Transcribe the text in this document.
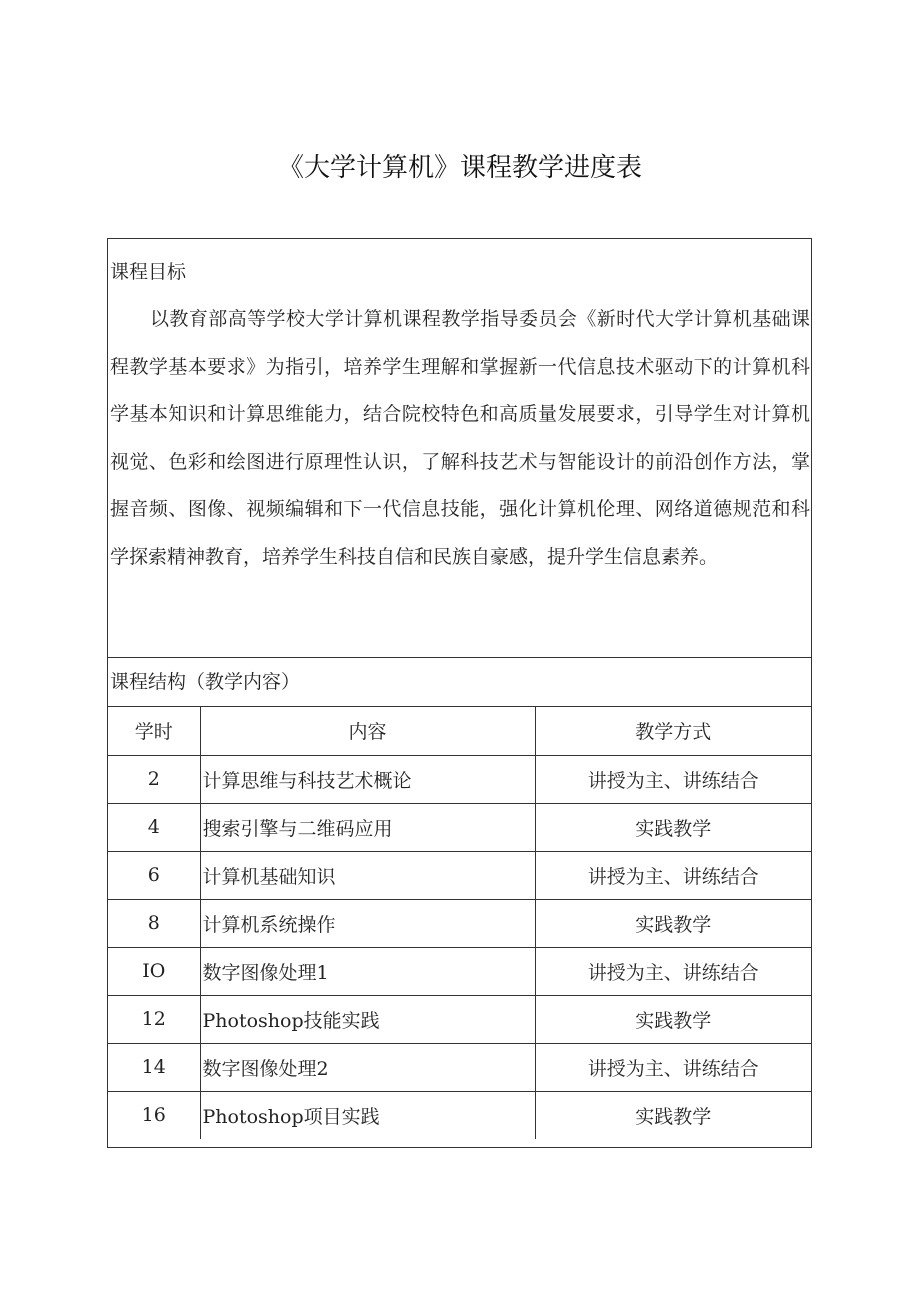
《大学计算机》课程教学进度表
课程目标

以教育部高等学校大学计算机课程教学指导委员会《新时代大学计算机基础课程教学基本要求》为指引，培养学生理解和掌握新一代信息技术驱动下的计算机科学基本知识和计算思维能力，结合院校特色和高质量发展要求，引导学生对计算机视觉、色彩和绘图进行原理性认识，了解科技艺术与智能设计的前沿创作方法，掌握音频、图像、视频编辑和下一代信息技能，强化计算机伦理、网络道德规范和科学探索精神教育，培养学生科技自信和民族自豪感，提升学生信息素养。

课程结构（教学内容）
学时	内容	教学方式
2	计算思维与科技艺术概论	讲授为主、讲练结合
4	搜索引擎与二维码应用	实践教学
6	计算机基础知识	讲授为主、讲练结合
8	计算机系统操作	实践教学
IO	数字图像处理1	讲授为主、讲练结合
12	Photoshop技能实践	实践教学
14	数字图像处理2	讲授为主、讲练结合
16	Photoshop项目实践	实践教学
